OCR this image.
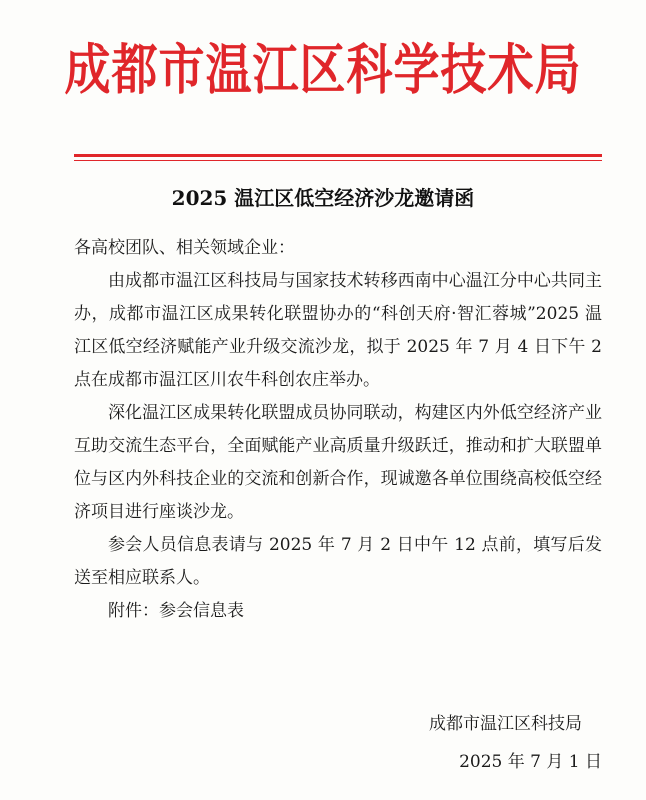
成都市温江区科学技术局
2025 温江区低空经济沙龙邀请函

各高校团队、相关领域企业：

由成都市温江区科技局与国家技术转移西南中心温江分中心共同主办，成都市温江区成果转化联盟协办的“科创天府·智汇蓉城”2025 温江区低空经济赋能产业升级交流沙龙，拟于 2025 年 7 月 4 日下午 2 点在成都市温江区川农牛科创农庄举办。

深化温江区成果转化联盟成员协同联动，构建区内外低空经济产业互助交流生态平台，全面赋能产业高质量升级跃迁，推动和扩大联盟单位与区内外科技企业的交流和创新合作，现诚邀各单位围绕高校低空经济项目进行座谈沙龙。

参会人员信息表请与 2025 年 7 月 2 日中午 12 点前，填写后发送至相应联系人。

附件：参会信息表

成都市温江区科技局
2025 年 7 月 1 日
